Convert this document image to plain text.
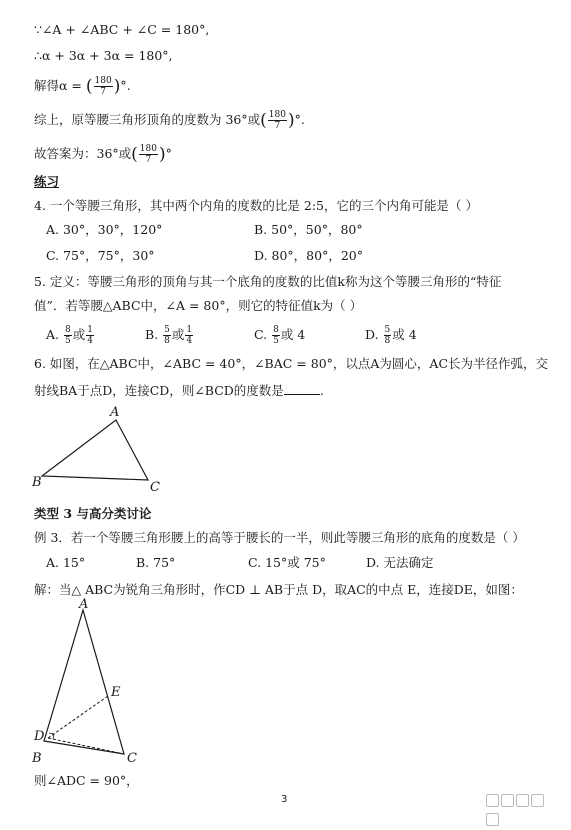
∵∠A + ∠ABC + ∠C = 180°,
∴α + 3α + 3α = 180°,
解得α = ( $\frac{180}{7}$ )°.
综上，原等腰三角形顶角的度数为 36°或( $\frac{180}{7}$ )°.
故答案为：36°或( $\frac{180}{7}$ )°
练习
4. 一个等腰三角形，其中两个内角的度数的比是 2:5，它的三个内角可能是（ ）
A. 30°，30°，120°	B. 50°，50°，80°
C. 75°，75°，30°	D. 80°，80°，20°
5. 定义：等腰三角形的顶角与其一个底角的度数的比值k称为这个等腰三角形的“特征
值”．若等腰△ABC中，∠A = 80°，则它的特征值k为（ ）
A. $\frac{8}{5}$ 或 $\frac{1}{4}$	B. $\frac{5}{8}$ 或 $\frac{1}{4}$	C. $\frac{8}{5}$ 或 4	D. $\frac{5}{8}$ 或 4
6. 如图，在△ABC中，∠ABC = 40°，∠BAC = 80°，以点A为圆心，AC长为半径作弧，交
射线BA于点D，连接CD，则∠BCD的度数是	.
A
B	C
类型 3 与高分类讨论
例 3．若一个等腰三角形腰上的高等于腰长的一半，则此等腰三角形的底角的度数是（ ）
A. 15°	B. 75°	C. 15°或 75°	D. 无法确定
解：当△ ABC为锐角三角形时，作CD ⊥ AB于点 D，取AC的中点 E，连接DE，如图：
A
B	C
D
E
则∠ADC = 90°，
3
